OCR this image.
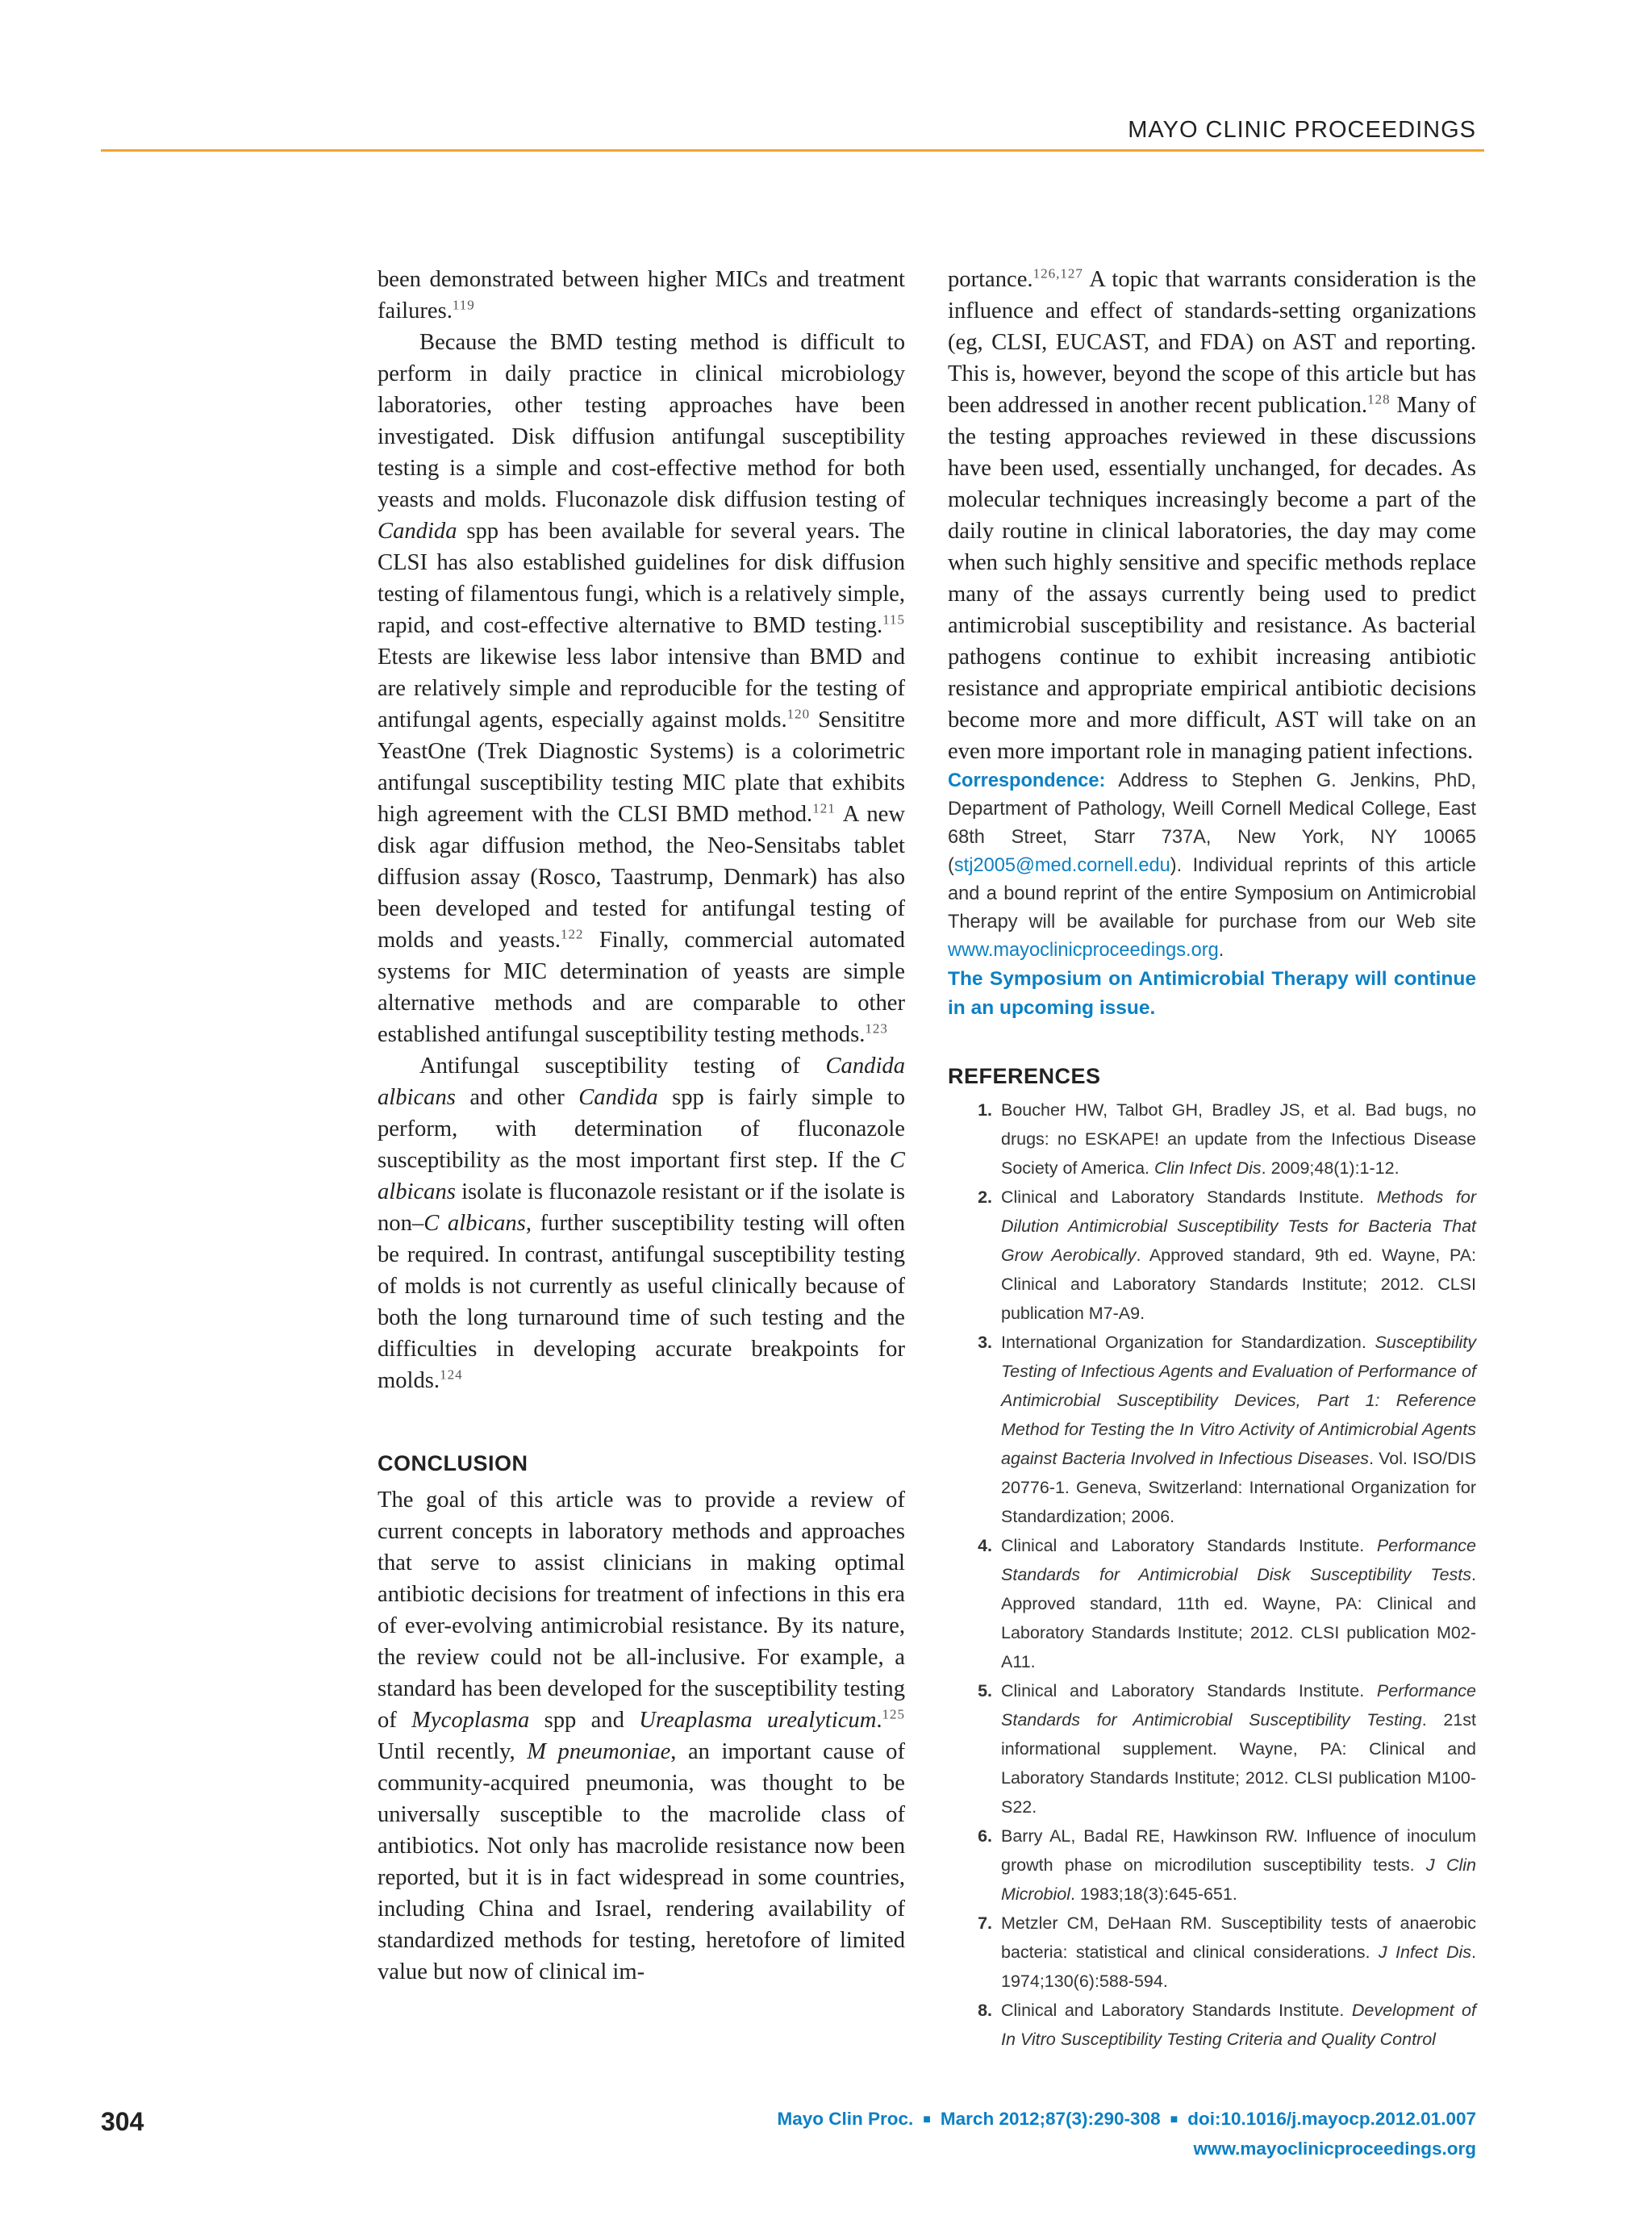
MAYO CLINIC PROCEEDINGS

been demonstrated between higher MICs and treatment failures.$^{119}$

Because the BMD testing method is difficult to perform in daily practice in clinical microbiology laboratories, other testing approaches have been investigated. Disk diffusion antifungal susceptibility testing is a simple and cost-effective method for both yeasts and molds. Fluconazole disk diffusion testing of Candida spp has been available for several years. The CLSI has also established guidelines for disk diffusion testing of filamentous fungi, which is a relatively simple, rapid, and cost-effective alternative to BMD testing.$^{115}$ Etests are likewise less labor intensive than BMD and are relatively simple and reproducible for the testing of antifungal agents, especially against molds.$^{120}$ Sensititre YeastOne (Trek Diagnostic Systems) is a colorimetric antifungal susceptibility testing MIC plate that exhibits high agreement with the CLSI BMD method.$^{121}$ A new disk agar diffusion method, the Neo-Sensitabs tablet diffusion assay (Rosco, Taastrump, Denmark) has also been developed and tested for antifungal testing of molds and yeasts.$^{122}$ Finally, commercial automated systems for MIC determination of yeasts are simple alternative methods and are comparable to other established antifungal susceptibility testing methods.$^{123}$

Antifungal susceptibility testing of Candida albicans and other Candida spp is fairly simple to perform, with determination of fluconazole susceptibility as the most important first step. If the C albicans isolate is fluconazole resistant or if the isolate is non–C albicans, further susceptibility testing will often be required. In contrast, antifungal susceptibility testing of molds is not currently as useful clinically because of both the long turnaround time of such testing and the difficulties in developing accurate breakpoints for molds.$^{124}$

CONCLUSION

The goal of this article was to provide a review of current concepts in laboratory methods and approaches that serve to assist clinicians in making optimal antibiotic decisions for treatment of infections in this era of ever-evolving antimicrobial resistance. By its nature, the review could not be all-inclusive. For example, a standard has been developed for the susceptibility testing of Mycoplasma spp and Ureaplasma urealyticum.$^{125}$ Until recently, M pneumoniae, an important cause of community-acquired pneumonia, was thought to be universally susceptible to the macrolide class of antibiotics. Not only has macrolide resistance now been reported, but it is in fact widespread in some countries, including China and Israel, rendering availability of standardized methods for testing, heretofore of limited value but now of clinical im-

portance.$^{126,127}$ A topic that warrants consideration is the influence and effect of standards-setting organizations (eg, CLSI, EUCAST, and FDA) on AST and reporting. This is, however, beyond the scope of this article but has been addressed in another recent publication.$^{128}$ Many of the testing approaches reviewed in these discussions have been used, essentially unchanged, for decades. As molecular techniques increasingly become a part of the daily routine in clinical laboratories, the day may come when such highly sensitive and specific methods replace many of the assays currently being used to predict antimicrobial susceptibility and resistance. As bacterial pathogens continue to exhibit increasing antibiotic resistance and appropriate empirical antibiotic decisions become more and more difficult, AST will take on an even more important role in managing patient infections.

Correspondence: Address to Stephen G. Jenkins, PhD, Department of Pathology, Weill Cornell Medical College, East 68th Street, Starr 737A, New York, NY 10065 (stj2005@med.cornell.edu). Individual reprints of this article and a bound reprint of the entire Symposium on Antimicrobial Therapy will be available for purchase from our Web site www.mayoclinicproceedings.org.

The Symposium on Antimicrobial Therapy will continue in an upcoming issue.

REFERENCES
1. Boucher HW, Talbot GH, Bradley JS, et al. Bad bugs, no drugs: no ESKAPE! an update from the Infectious Disease Society of America. Clin Infect Dis. 2009;48(1):1-12.
2. Clinical and Laboratory Standards Institute. Methods for Dilution Antimicrobial Susceptibility Tests for Bacteria That Grow Aerobically. Approved standard, 9th ed. Wayne, PA: Clinical and Laboratory Standards Institute; 2012. CLSI publication M7-A9.
3. International Organization for Standardization. Susceptibility Testing of Infectious Agents and Evaluation of Performance of Antimicrobial Susceptibility Devices, Part 1: Reference Method for Testing the In Vitro Activity of Antimicrobial Agents against Bacteria Involved in Infectious Diseases. Vol. ISO/DIS 20776-1. Geneva, Switzerland: International Organization for Standardization; 2006.
4. Clinical and Laboratory Standards Institute. Performance Standards for Antimicrobial Disk Susceptibility Tests. Approved standard, 11th ed. Wayne, PA: Clinical and Laboratory Standards Institute; 2012. CLSI publication M02-A11.
5. Clinical and Laboratory Standards Institute. Performance Standards for Antimicrobial Susceptibility Testing. 21st informational supplement. Wayne, PA: Clinical and Laboratory Standards Institute; 2012. CLSI publication M100-S22.
6. Barry AL, Badal RE, Hawkinson RW. Influence of inoculum growth phase on microdilution susceptibility tests. J Clin Microbiol. 1983;18(3):645-651.
7. Metzler CM, DeHaan RM. Susceptibility tests of anaerobic bacteria: statistical and clinical considerations. J Infect Dis. 1974;130(6):588-594.
8. Clinical and Laboratory Standards Institute. Development of In Vitro Susceptibility Testing Criteria and Quality Control
304	Mayo Clin Proc. ■ March 2012;87(3):290-308 ■ doi:10.1016/j.mayocp.2012.01.007
www.mayoclinicproceedings.org
